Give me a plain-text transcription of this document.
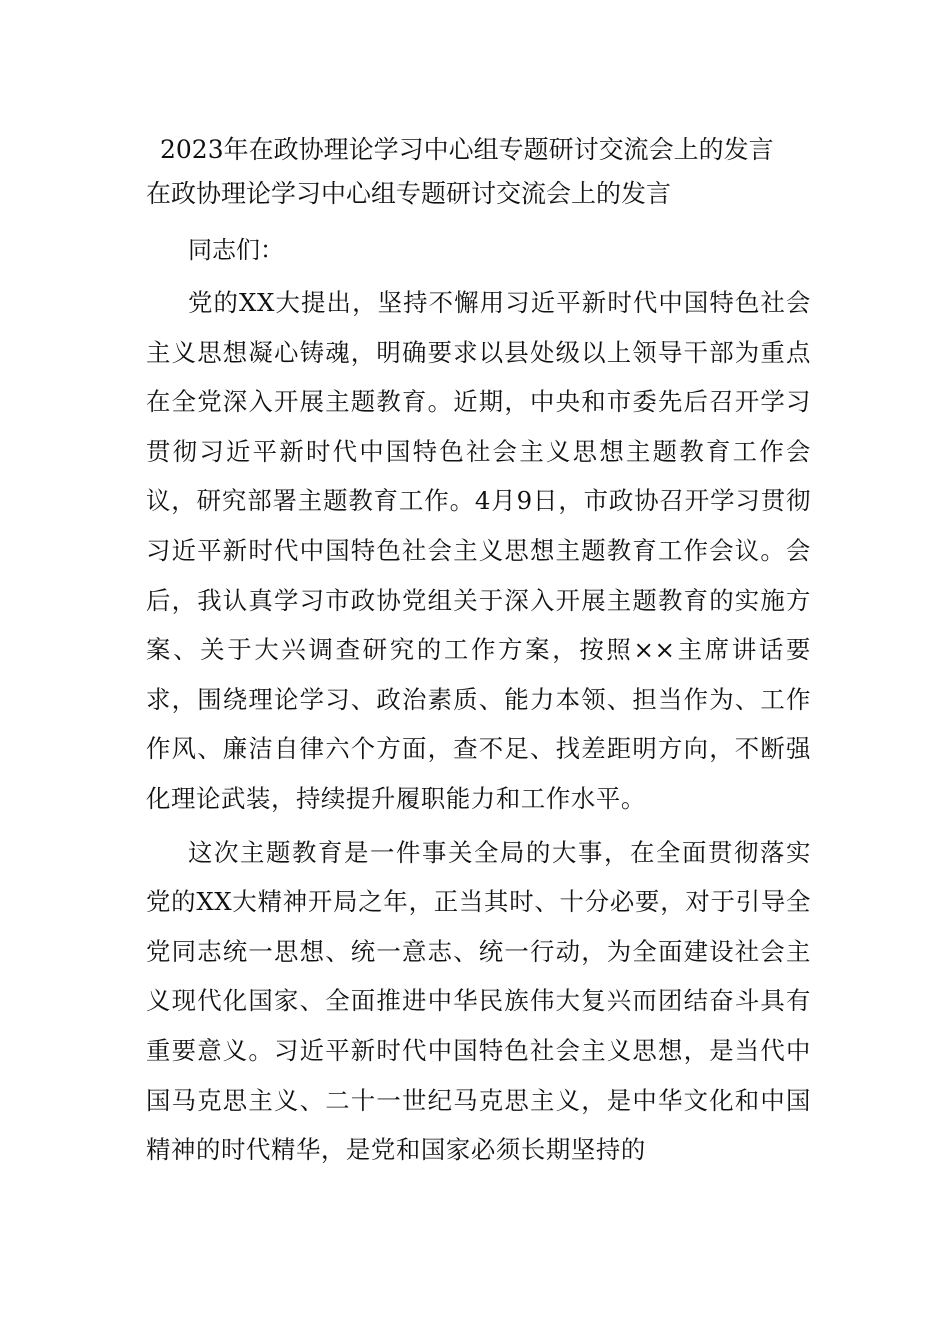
2023年在政协理论学习中心组专题研讨交流会上的发言
在政协理论学习中心组专题研讨交流会上的发言

同志们：

党的XX大提出，坚持不懈用习近平新时代中国特色社会主义思想凝心铸魂，明确要求以县处级以上领导干部为重点在全党深入开展主题教育。近期，中央和市委先后召开学习贯彻习近平新时代中国特色社会主义思想主题教育工作会议，研究部署主题教育工作。4月9日，市政协召开学习贯彻习近平新时代中国特色社会主义思想主题教育工作会议。会后，我认真学习市政协党组关于深入开展主题教育的实施方案、关于大兴调查研究的工作方案，按照××主席讲话要求，围绕理论学习、政治素质、能力本领、担当作为、工作作风、廉洁自律六个方面，查不足、找差距明方向，不断强化理论武装，持续提升履职能力和工作水平。

这次主题教育是一件事关全局的大事，在全面贯彻落实党的XX大精神开局之年，正当其时、十分必要，对于引导全党同志统一思想、统一意志、统一行动，为全面建设社会主义现代化国家、全面推进中华民族伟大复兴而团结奋斗具有重要意义。习近平新时代中国特色社会主义思想，是当代中国马克思主义、二十一世纪马克思主义，是中华文化和中国精神的时代精华，是党和国家必须长期坚持的
